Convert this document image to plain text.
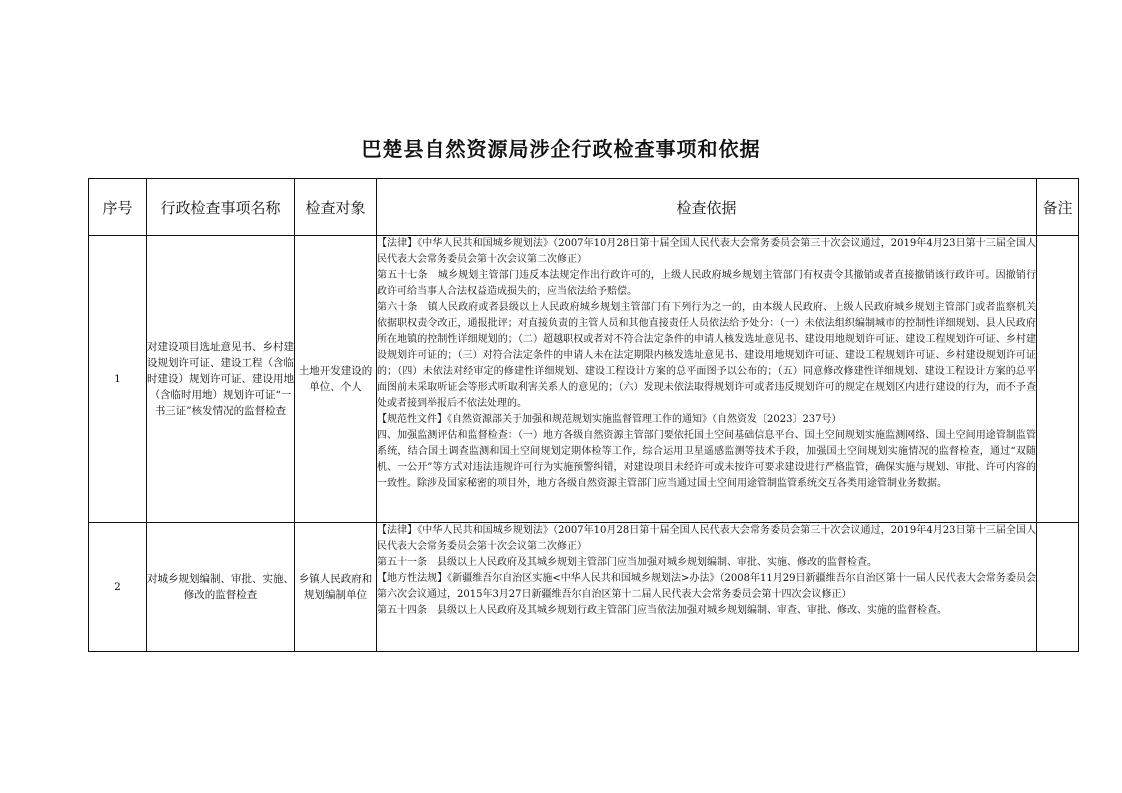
巴楚县自然资源局涉企行政检查事项和依据
序号	行政检查事项名称	检查对象	检查依据	备注
1	对建设项目选址意见书、乡村建设规划许可证、建设工程（含临时建设）规划许可证、建设用地（含临时用地）规划许可证“一书三证”核发情况的监督检查	土地开发建设的单位、个人	【法律】《中华人民共和国城乡规划法》（2007年10月28日第十届全国人民代表大会常务委员会第三十次会议通过，2019年4月23日第十三届全国人民代表大会常务委员会第十次会议第二次修正）

第五十七条　城乡规划主管部门违反本法规定作出行政许可的，上级人民政府城乡规划主管部门有权责令其撤销或者直接撤销该行政许可。因撤销行政许可给当事人合法权益造成损失的，应当依法给予赔偿。

第六十条　镇人民政府或者县级以上人民政府城乡规划主管部门有下列行为之一的，由本级人民政府、上级人民政府城乡规划主管部门或者监察机关依据职权责令改正，通报批评；对直接负责的主管人员和其他直接责任人员依法给予处分：（一）未依法组织编制城市的控制性详细规划、县人民政府所在地镇的控制性详细规划的；（二）超越职权或者对不符合法定条件的申请人核发选址意见书、建设用地规划许可证、建设工程规划许可证、乡村建设规划许可证的；（三）对符合法定条件的申请人未在法定期限内核发选址意见书、建设用地规划许可证、建设工程规划许可证、乡村建设规划许可证的；（四）未依法对经审定的修建性详细规划、建设工程设计方案的总平面图予以公布的；（五）同意修改修建性详细规划、建设工程设计方案的总平面图前未采取听证会等形式听取利害关系人的意见的；（六）发现未依法取得规划许可或者违反规划许可的规定在规划区内进行建设的行为，而不予查处或者接到举报后不依法处理的。

【规范性文件】《自然资源部关于加强和规范规划实施监督管理工作的通知》（自然资发〔2023〕237号）

四、加强监测评估和监督检查：（一）地方各级自然资源主管部门要依托国土空间基础信息平台、国土空间规划实施监测网络、国土空间用途管制监管系统，结合国土调查监测和国土空间规划定期体检等工作，综合运用卫星遥感监测等技术手段，加强国土空间规划实施情况的监督检查，通过“双随机、一公开”等方式对违法违规许可行为实施预警纠错，对建设项目未经许可或未按许可要求建设进行严格监管，确保实施与规划、审批、许可内容的一致性。除涉及国家秘密的项目外，地方各级自然资源主管部门应当通过国土空间用途管制监管系统交互各类用途管制业务数据。	

2	对城乡规划编制、审批、实施、修改的监督检查	乡镇人民政府和规划编制单位	【法律】《中华人民共和国城乡规划法》（2007年10月28日第十届全国人民代表大会常务委员会第三十次会议通过，2019年4月23日第十三届全国人民代表大会常务委员会第十次会议第二次修正）

第五十一条　县级以上人民政府及其城乡规划主管部门应当加强对城乡规划编制、审批、实施、修改的监督检查。

【地方性法规】《新疆维吾尔自治区实施<中华人民共和国城乡规划法>办法》（2008年11月29日新疆维吾尔自治区第十一届人民代表大会常务委员会第六次会议通过，2015年3月27日新疆维吾尔自治区第十二届人民代表大会常务委员会第十四次会议修正）

第五十四条　县级以上人民政府及其城乡规划行政主管部门应当依法加强对城乡规划编制、审查、审批、修改、实施的监督检查。	
